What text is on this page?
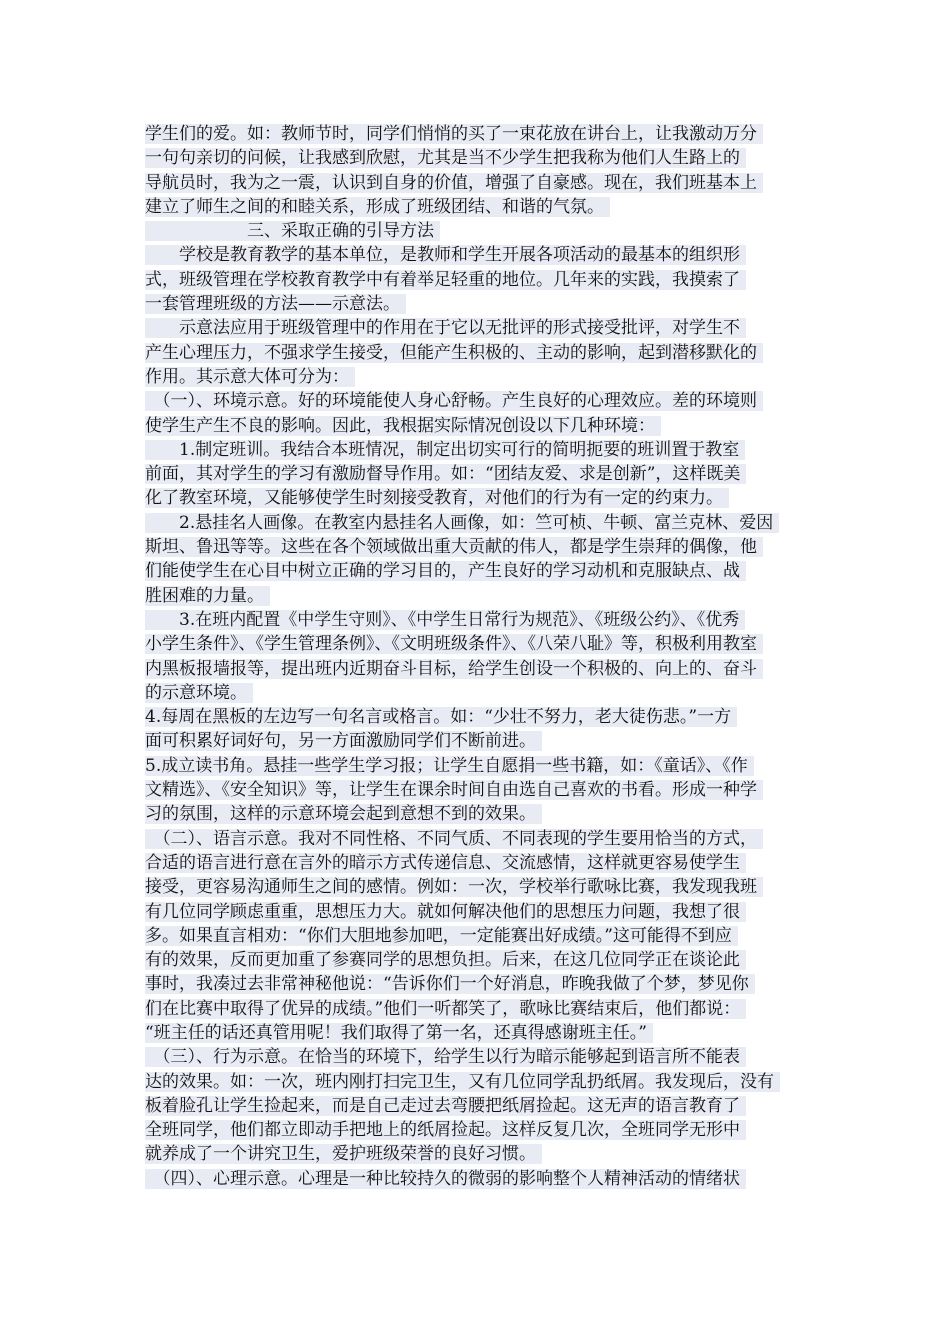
学生们的爱。如：教师节时，同学们悄悄的买了一束花放在讲台上，让我激动万分
一句句亲切的问候，让我感到欣慰，尤其是当不少学生把我称为他们人生路上的
导航员时，我为之一震，认识到自身的价值，增强了自豪感。现在，我们班基本上
建立了师生之间的和睦关系，形成了班级团结、和谐的气氛。
　　　　　　三、采取正确的引导方法
　　学校是教育教学的基本单位，是教师和学生开展各项活动的最基本的组织形
式，班级管理在学校教育教学中有着举足轻重的地位。几年来的实践，我摸索了
一套管理班级的方法——示意法。
　　示意法应用于班级管理中的作用在于它以无批评的形式接受批评，对学生不
产生心理压力，不强求学生接受，但能产生积极的、主动的影响，起到潜移默化的
作用。其示意大体可分为：
　（一）、环境示意。好的环境能使人身心舒畅。产生良好的心理效应。差的环境则
使学生产生不良的影响。因此，我根据实际情况创设以下几种环境：
　　1.制定班训。我结合本班情况，制定出切实可行的简明扼要的班训置于教室
前面，其对学生的学习有激励督导作用。如：“团结友爱、求是创新”，这样既美
化了教室环境，又能够使学生时刻接受教育，对他们的行为有一定的约束力。
　　2.悬挂名人画像。在教室内悬挂名人画像，如：竺可桢、牛顿、富兰克林、爱因
斯坦、鲁迅等等。这些在各个领域做出重大贡献的伟人，都是学生崇拜的偶像，他
们能使学生在心目中树立正确的学习目的，产生良好的学习动机和克服缺点、战
胜困难的力量。
　　3.在班内配置《中学生守则》、《中学生日常行为规范》、《班级公约》、《优秀
小学生条件》、《学生管理条例》、《文明班级条件》、《八荣八耻》等，积极利用教室
内黑板报墙报等，提出班内近期奋斗目标，给学生创设一个积极的、向上的、奋斗
的示意环境。
4.每周在黑板的左边写一句名言或格言。如：“少壮不努力，老大徒伤悲。”一方
面可积累好词好句，另一方面激励同学们不断前进。
5.成立读书角。悬挂一些学生学习报；让学生自愿捐一些书籍，如：《童话》、《作
文精选》、《安全知识》等，让学生在课余时间自由选自己喜欢的书看。形成一种学
习的氛围，这样的示意环境会起到意想不到的效果。
　（二）、语言示意。我对不同性格、不同气质、不同表现的学生要用恰当的方式，
合适的语言进行意在言外的暗示方式传递信息、交流感情，这样就更容易使学生
接受，更容易沟通师生之间的感情。例如：一次，学校举行歌咏比赛，我发现我班
有几位同学顾虑重重，思想压力大。就如何解决他们的思想压力问题，我想了很
多。如果直言相劝：“你们大胆地参加吧，一定能赛出好成绩。”这可能得不到应
有的效果，反而更加重了参赛同学的思想负担。后来，在这几位同学正在谈论此
事时，我凑过去非常神秘他说：“告诉你们一个好消息，昨晚我做了个梦，梦见你
们在比赛中取得了优异的成绩。”他们一听都笑了，歌咏比赛结束后，他们都说：
“班主任的话还真管用呢！我们取得了第一名，还真得感谢班主任。”
　（三）、行为示意。在恰当的环境下，给学生以行为暗示能够起到语言所不能表
达的效果。如：一次，班内刚打扫完卫生，又有几位同学乱扔纸屑。我发现后，没有
板着脸孔让学生捡起来，而是自己走过去弯腰把纸屑捡起。这无声的语言教育了
全班同学，他们都立即动手把地上的纸屑捡起。这样反复几次，全班同学无形中
就养成了一个讲究卫生，爱护班级荣誉的良好习惯。
　（四）、心理示意。心理是一种比较持久的微弱的影响整个人精神活动的情绪状
